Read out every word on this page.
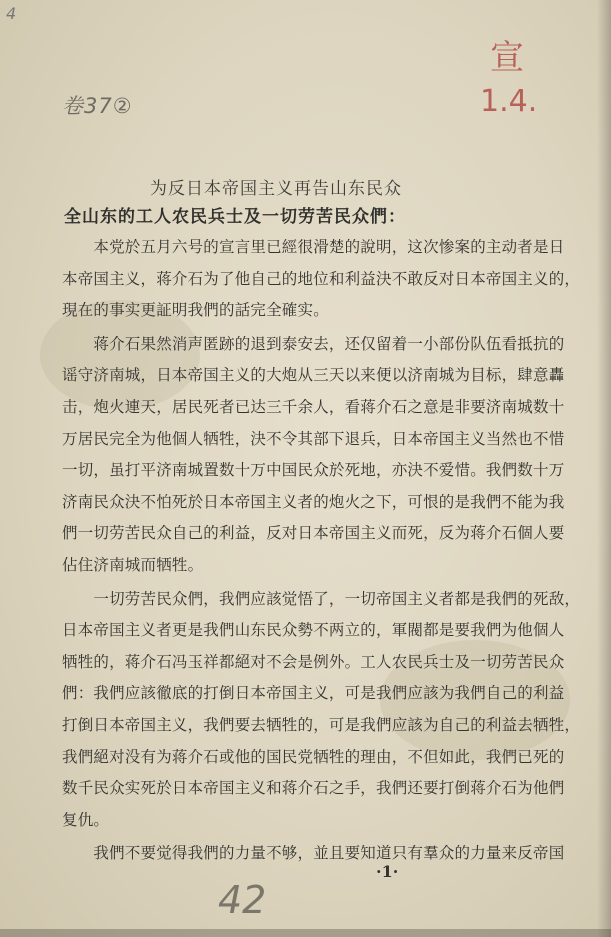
4
卷37②
宣
1.4.
为反日本帝国主义再告山东民众
全山东的工人农民兵士及一切劳苦民众們：
　　本党於五月六号的宣言里已經很滑楚的說明，这次惨案的主动者是日
本帝国主义，蒋介石为了他自己的地位和利益決不敢反对日本帝国主义的，
現在的事实更証明我們的話完全確实。
　　蒋介石果然消声匿跡的退到泰安去，还仅留着一小部份队伍看抵抗的
谣守济南城，日本帝国主义的大炮从三天以来便以济南城为目标，肆意轟
击，炮火連天，居民死者已达三千余人，看蒋介石之意是非要济南城数十
万居民完全为他個人牺牲，決不令其部下退兵，日本帝国主义当然也不惜
一切，虽打平济南城置数十万中国民众於死地，亦決不爱惜。我們数十万
济南民众決不怕死於日本帝国主义者的炮火之下，可恨的是我們不能为我
們一切劳苦民众自己的利益，反对日本帝国主义而死，反为蒋介石個人要
佔住济南城而牺牲。
　　一切劳苦民众們，我們应該觉悟了，一切帝国主义者都是我們的死敌，
日本帝国主义者更是我們山东民众勢不两立的，軍閥都是要我們为他個人
牺牲的，蒋介石冯玉祥都絕对不会是例外。工人农民兵士及一切劳苦民众
們：我們应該徹底的打倒日本帝国主义，可是我們应該为我們自己的利益
打倒日本帝国主义，我們要去牺牲的，可是我們应該为自己的利益去牺牲，
我們絕对没有为蒋介石或他的国民党牺牲的理由，不但如此，我們已死的
数千民众实死於日本帝国主义和蒋介石之手，我們还要打倒蒋介石为他們
复仇。
　　我們不要觉得我們的力量不够，並且要知道只有羣众的力量来反帝国
·1·
42
